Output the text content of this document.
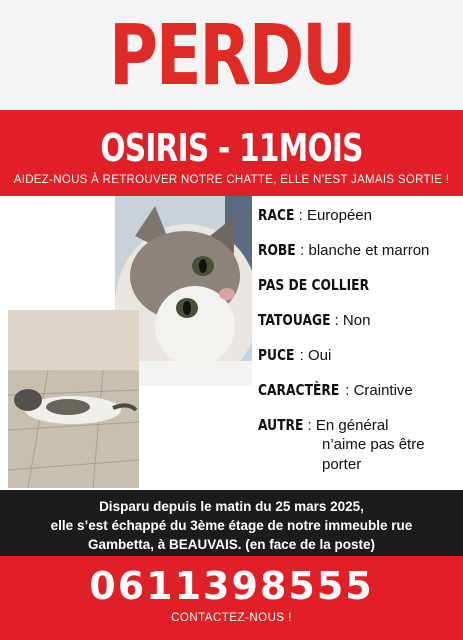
PERDU
OSIRIS - 11MOIS
AIDEZ-NOUS À RETROUVER NOTRE CHATTE, ELLE N’EST JAMAIS SORTIE !
RACE : Européen
ROBE : blanche et marron
PAS DE COLLIER
TATOUAGE : Non
PUCE : Oui
CARACTÈRE : Craintive
AUTRE : En général
n’aime pas être
porter
Disparu depuis le matin du 25 mars 2025,
elle s’est échappé du 3ème étage de notre immeuble rue
Gambetta, à BEAUVAIS. (en face de la poste)
0611398555
CONTACTEZ-NOUS !
